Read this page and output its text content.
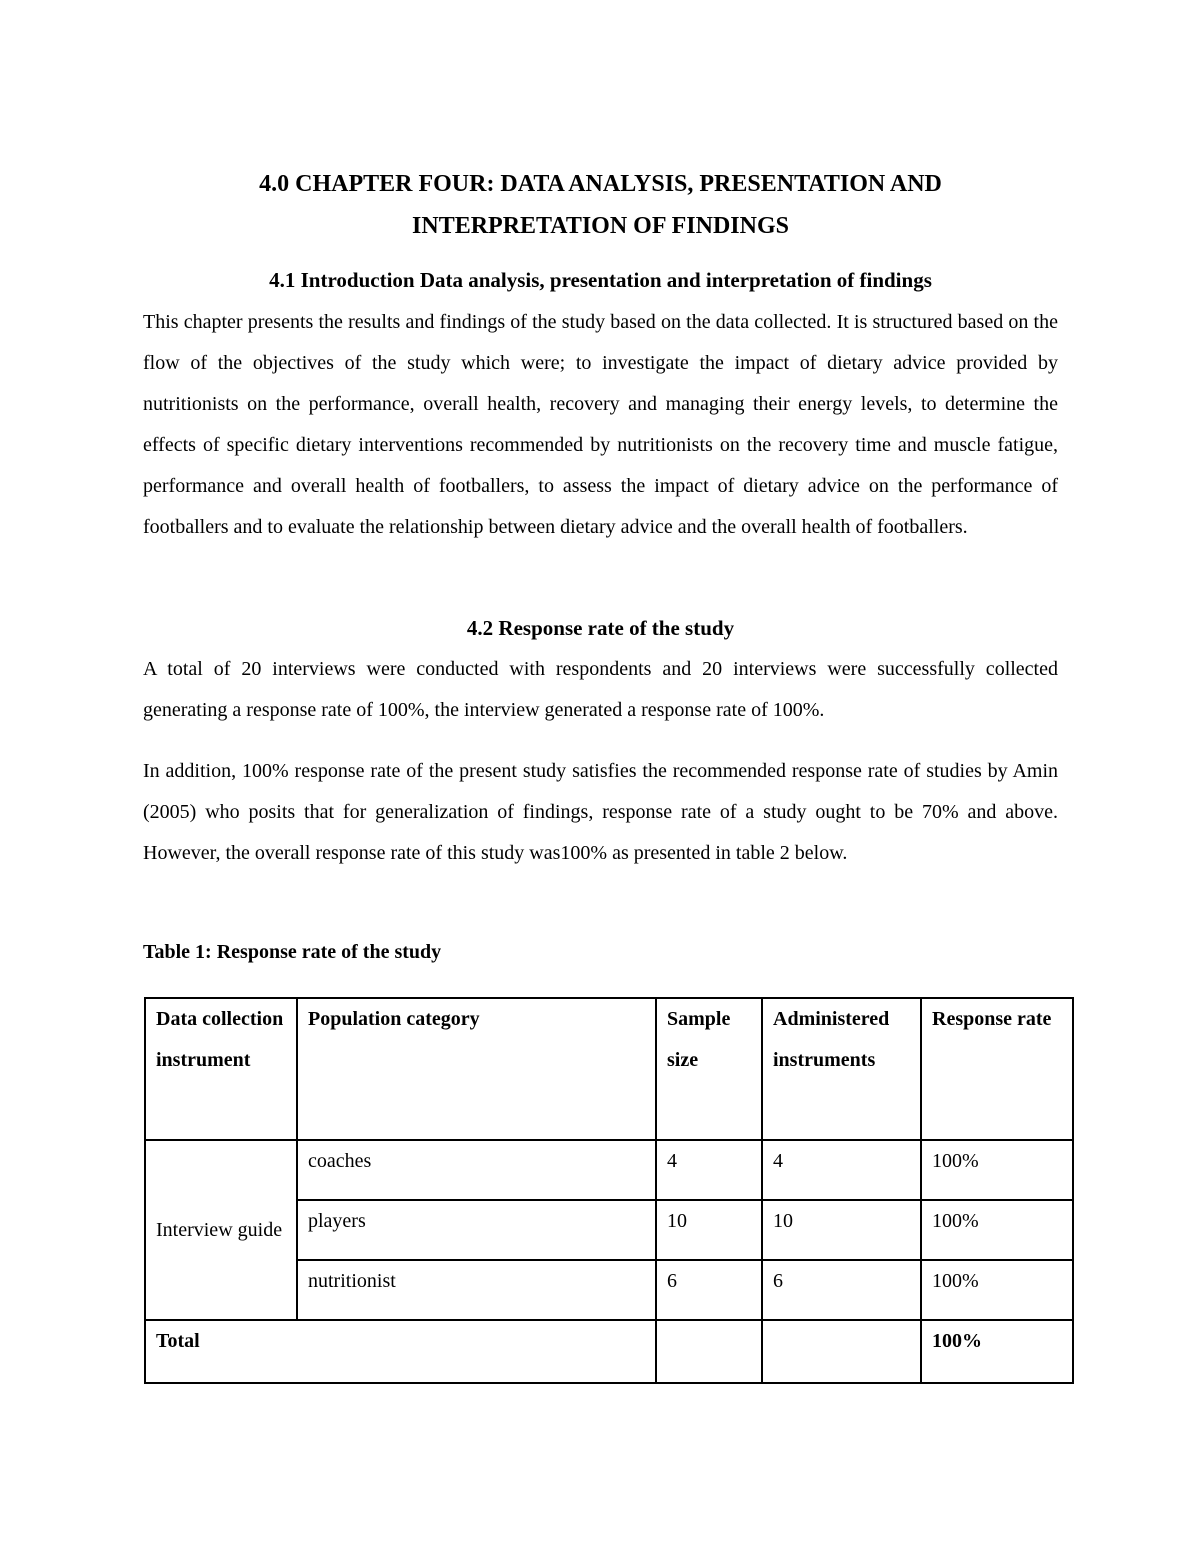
4.0 CHAPTER FOUR: DATA ANALYSIS, PRESENTATION AND
INTERPRETATION OF FINDINGS
4.1 Introduction Data analysis, presentation and interpretation of findings
This chapter presents the results and findings of the study based on the data collected. It is structured based on the flow of the objectives of the study which were; to investigate the impact of dietary advice provided by nutritionists on the performance, overall health, recovery and managing their energy levels, to determine the effects of specific dietary interventions recommended by nutritionists on the recovery time and muscle fatigue, performance and overall health of footballers, to assess the impact of dietary advice on the performance of footballers and to evaluate the relationship between dietary advice and the overall health of footballers.
4.2 Response rate of the study
A total of 20 interviews were conducted with respondents and 20 interviews were successfully collected generating a response rate of 100%, the interview generated a response rate of 100%.
In addition, 100% response rate of the present study satisfies the recommended response rate of studies by Amin (2005) who posits that for generalization of findings, response rate of a study ought to be 70% and above. However, the overall response rate of this study was100% as presented in table 2 below.
Table 1: Response rate of the study
Data collection instrument	Population category	Sample size	Administered instruments	Response rate
Interview guide	coaches	4	4	100%
	players	10	10	100%
	nutritionist	6	6	100%
Total				100%
